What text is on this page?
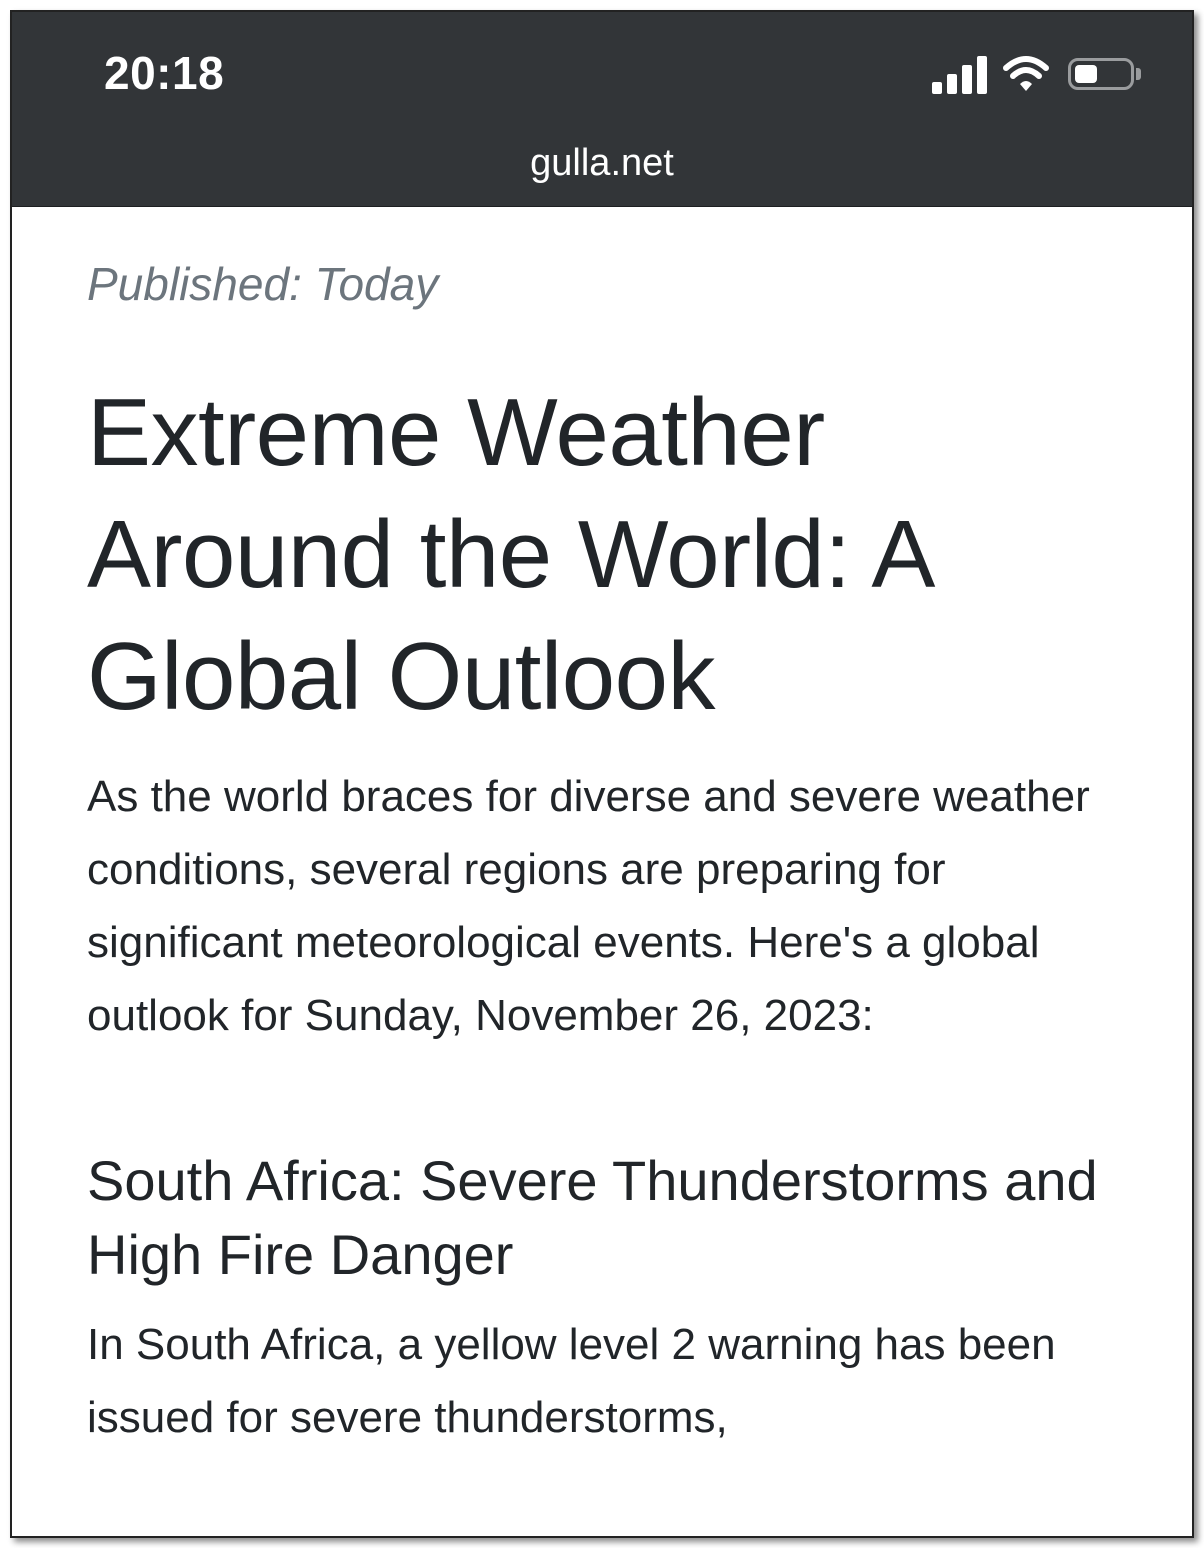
20:18
gulla.net

Published: Today

Extreme Weather Around the World: A Global Outlook

As the world braces for diverse and severe weather conditions, several regions are preparing for significant meteorological events. Here's a global outlook for Sunday, November 26, 2023:

South Africa: Severe Thunderstorms and High Fire Danger

In South Africa, a yellow level 2 warning has been issued for severe thunderstorms,
